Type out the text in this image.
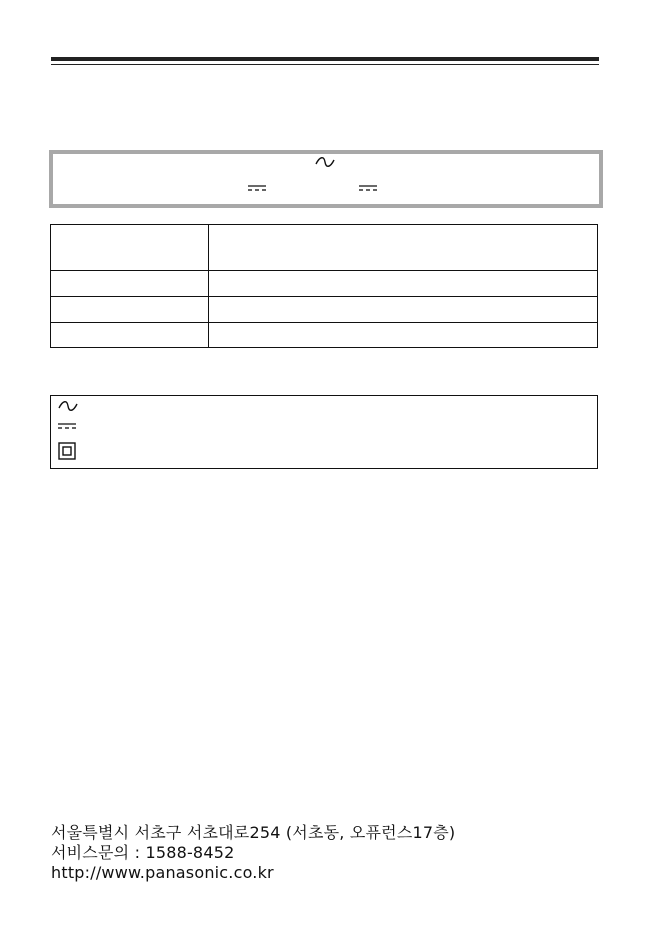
서울특별시 서초구 서초대로254 (서초동, 오퓨런스17층)
서비스문의 : 1588-8452
http://www.panasonic.co.kr
